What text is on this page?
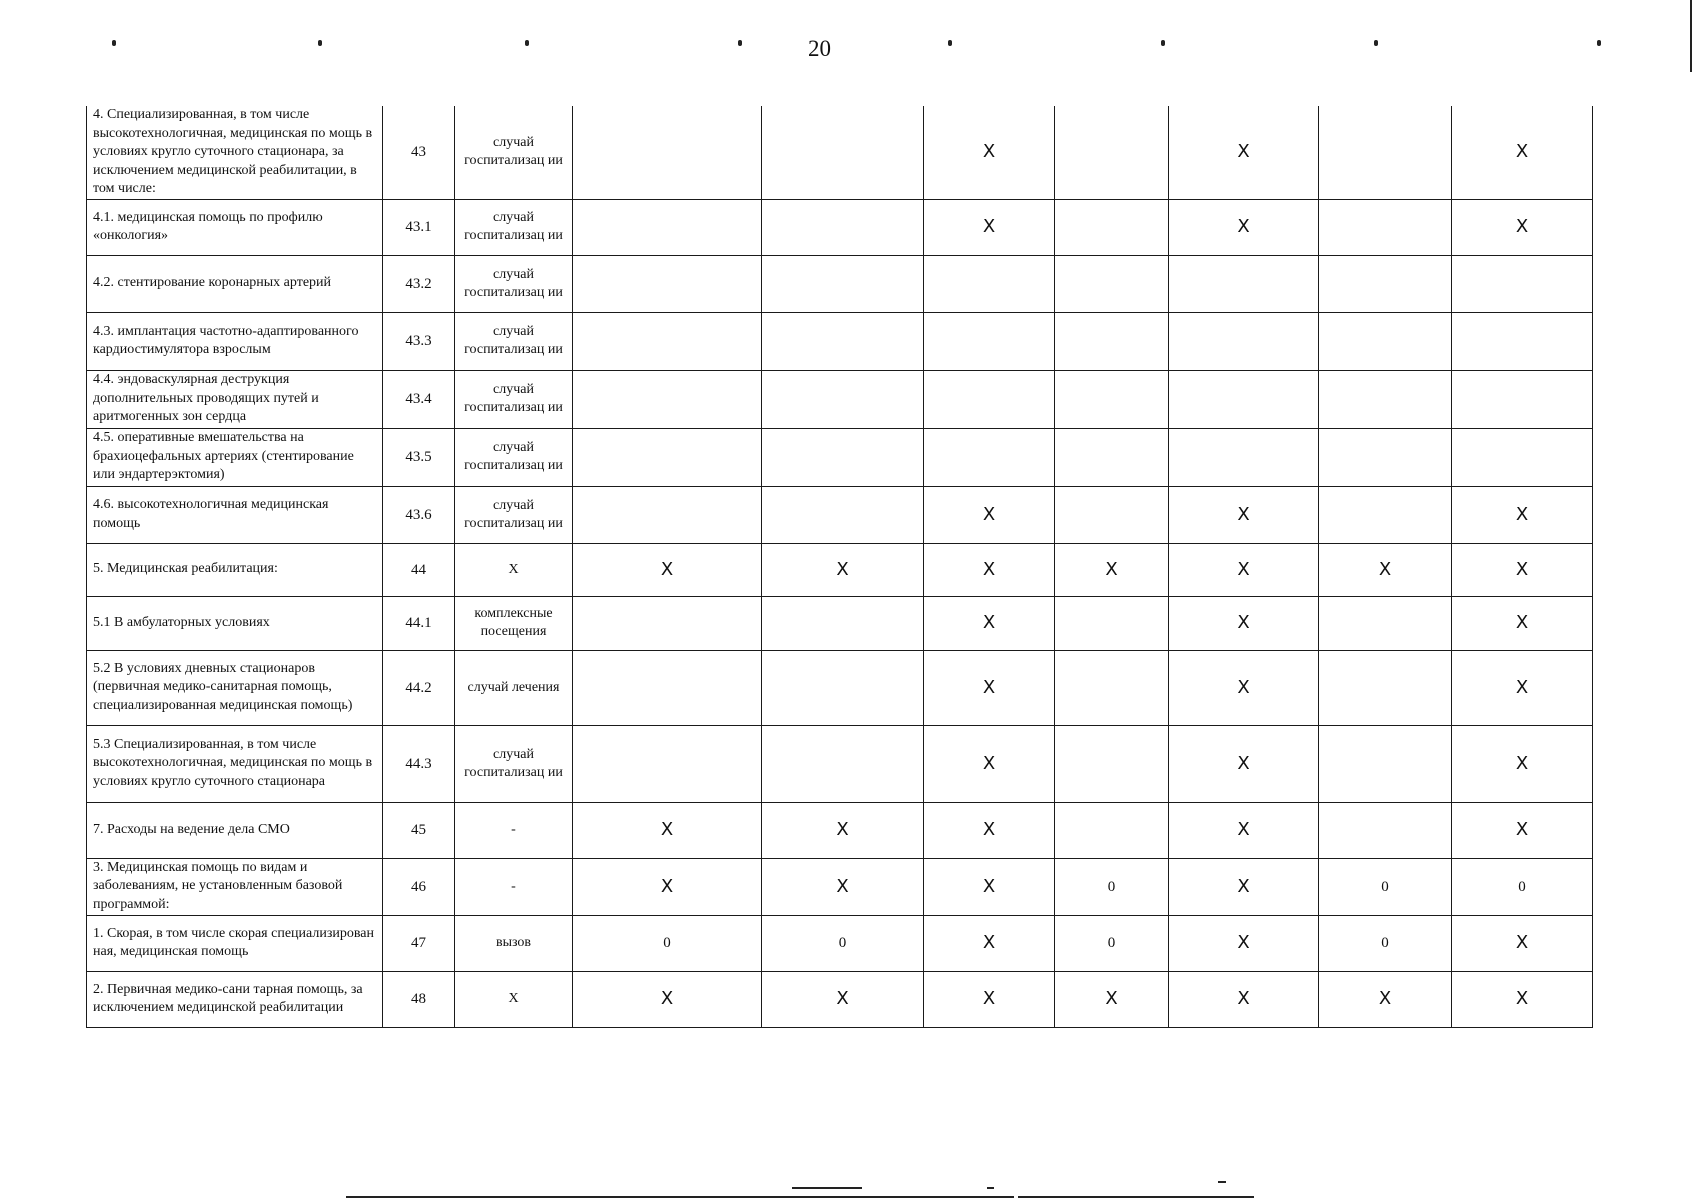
20
4. Специализированная, в том числе высокотехнологичная, медицинская по мощь в условиях кругло суточного стационара, за исключением медицинской реабилитации, в том числе:	43	случай госпитализац ии			X		X		X
4.1. медицинская помощь по профилю «онкология»	43.1	случай госпитализац ии			X		X		X
4.2. стентирование коронарных артерий	43.2	случай госпитализац ии							
4.3. имплантация частотно-адаптированного кардиостимулятора взрослым	43.3	случай госпитализац ии							
4.4. эндоваскулярная деструкция дополнительных проводящих путей и аритмогенных зон сердца	43.4	случай госпитализац ии							
4.5. оперативные вмешательства на брахиоцефальных артериях (стентирование или эндартерэктомия)	43.5	случай госпитализац ии							
4.6. высокотехнологичная медицинская помощь	43.6	случай госпитализац ии			X		X		X
5. Медицинская реабилитация:	44	X	X	X	X	X	X	X	X
5.1 В амбулаторных условиях	44.1	комплексные посещения			X		X		X
5.2 В условиях дневных стационаров (первичная медико-санитарная помощь, специализированная медицинская помощь)	44.2	случай лечения			X		X		X
5.3 Специализированная, в том числе высокотехнологичная, медицинская по мощь в условиях кругло суточного стационара	44.3	случай госпитализац ии			X		X		X
7. Расходы на ведение дела СМО	45	-	X	X	X		X		X
3. Медицинская помощь по видам и заболеваниям, не установленным базовой программой:	46	-	X	X	X	0	X	0	0
1. Скорая, в том числе скорая специализирован ная, медицинская помощь	47	вызов	0	0	X	0	X	0	X
2. Первичная медико-сани тарная помощь, за исключением медицинской реабилитации	48	X	X	X	X	X	X	X	X
